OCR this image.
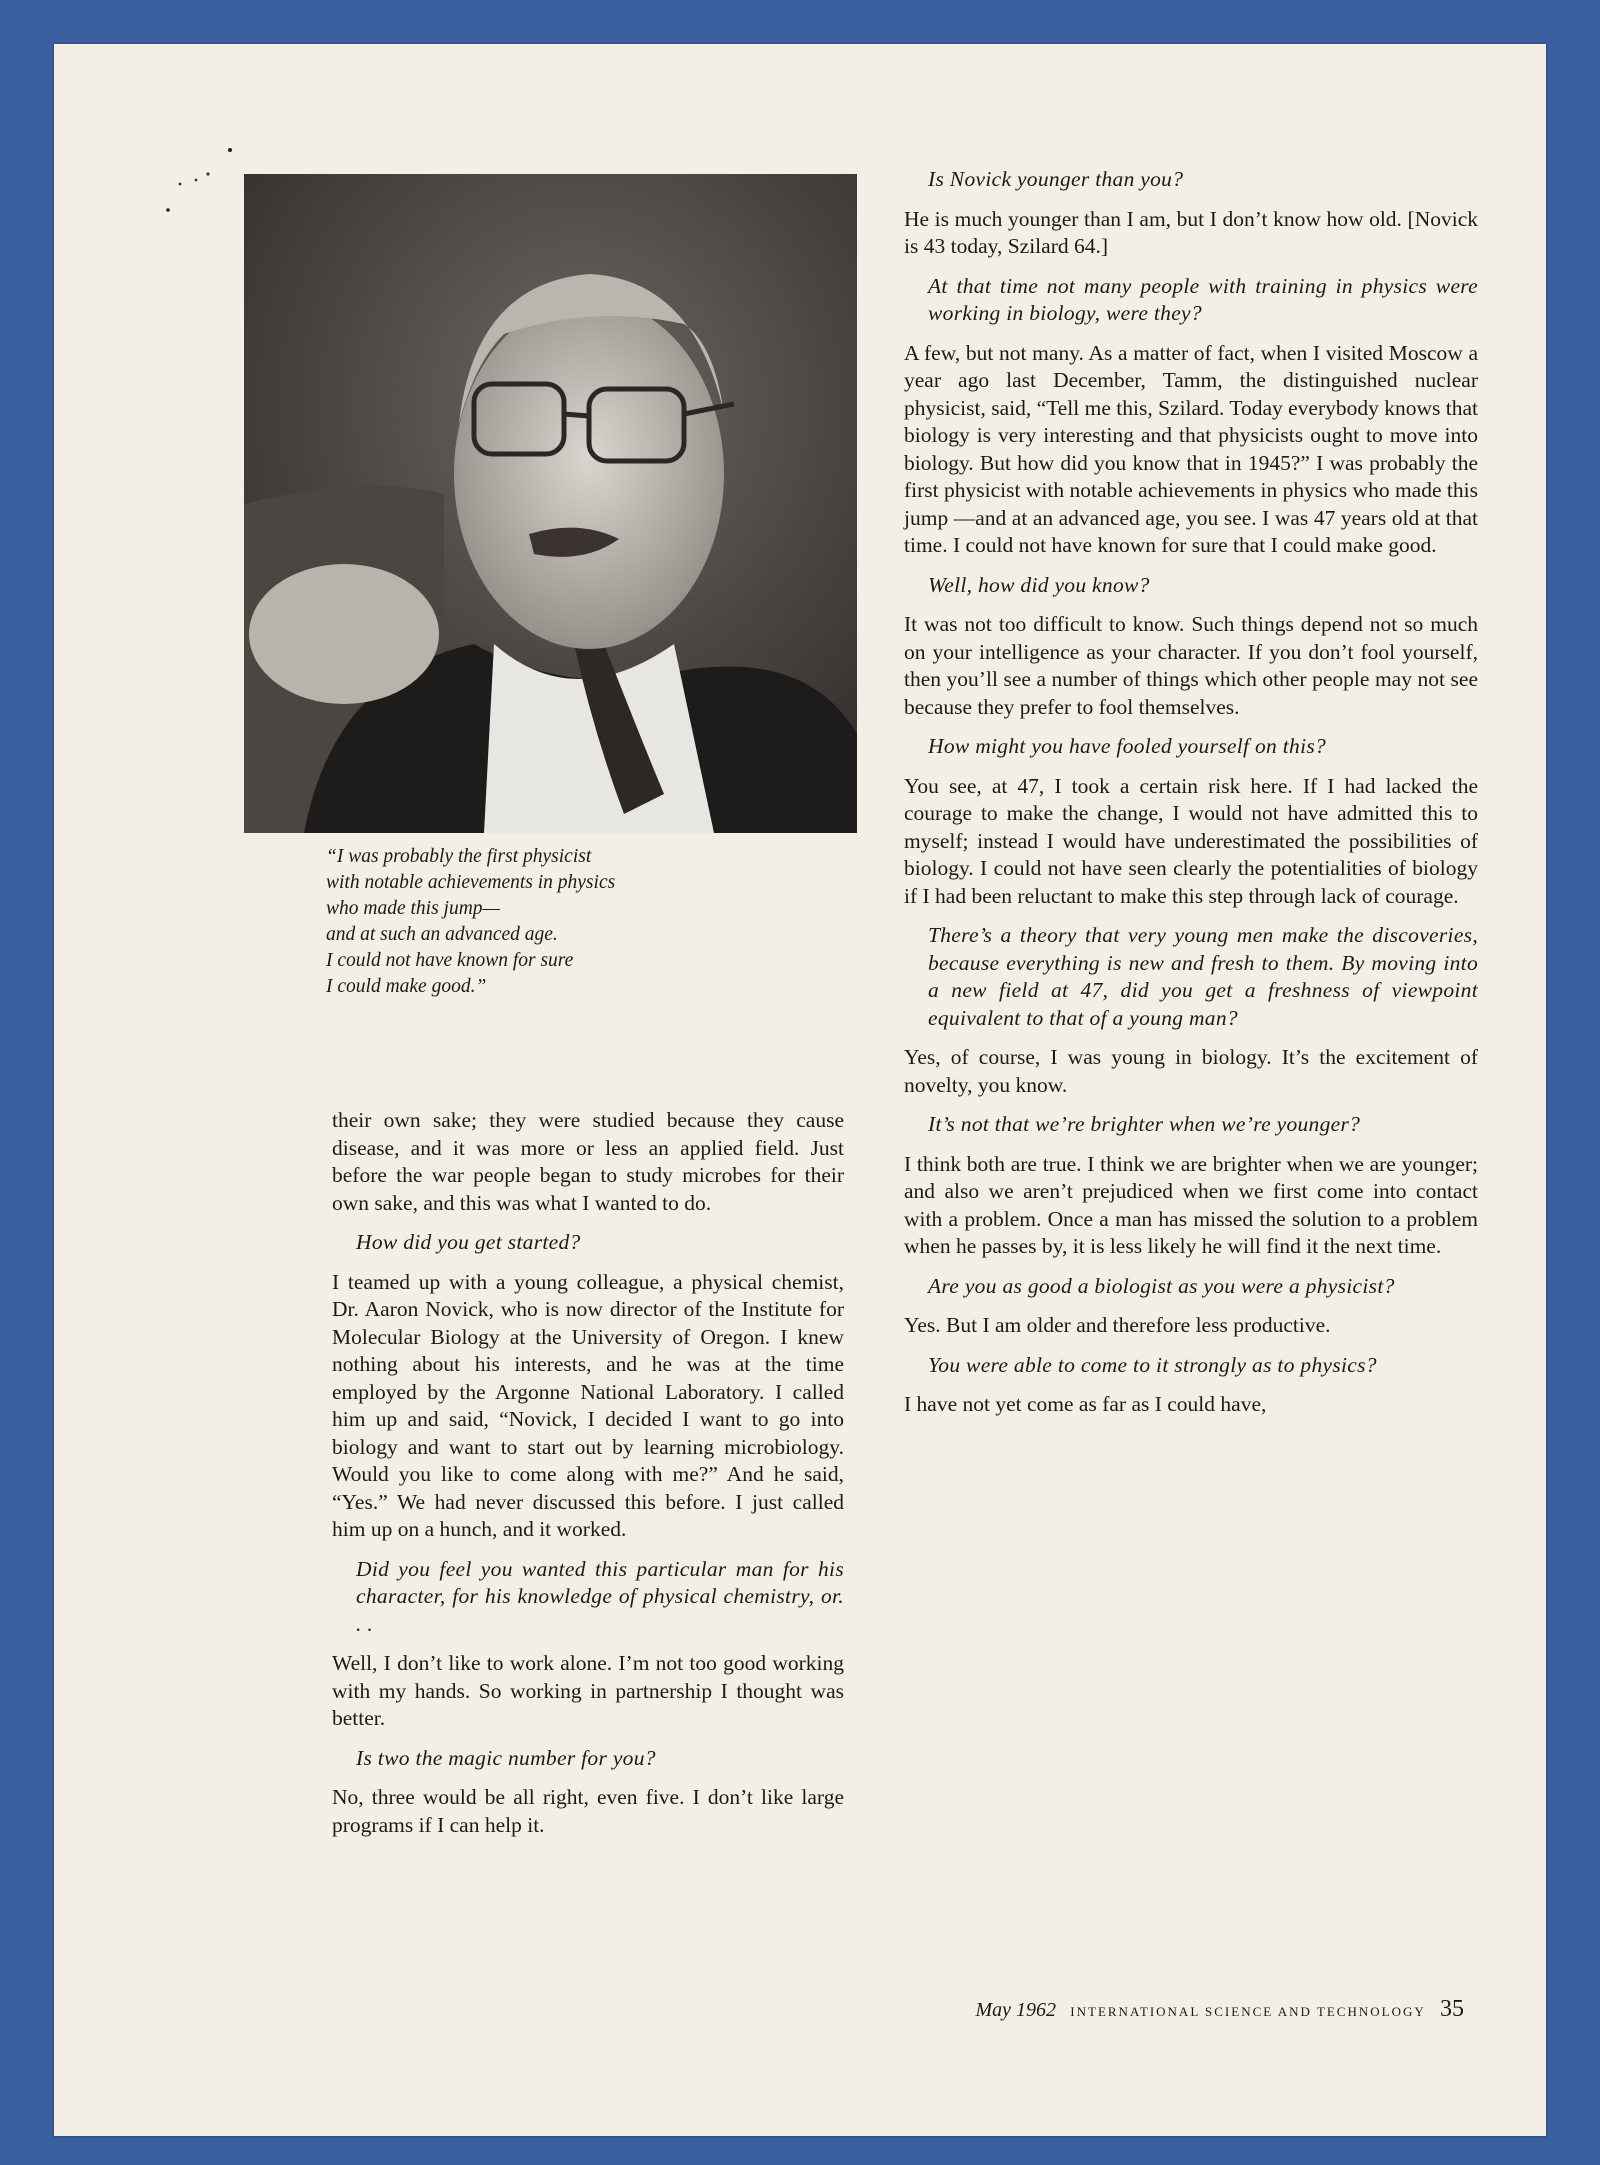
“I was probably the first physicist
with notable achievements in physics
who made this jump—
and at such an advanced age.
I could not have known for sure
I could make good.”

their own sake; they were studied because they cause disease, and it was more or less an applied field. Just before the war people began to study microbes for their own sake, and this was what I wanted to do.

How did you get started?

I teamed up with a young colleague, a physical chemist, Dr. Aaron Novick, who is now director of the Institute for Molecular Biology at the University of Oregon. I knew nothing about his interests, and he was at the time employed by the Argonne National Laboratory. I called him up and said, “Novick, I decided I want to go into biology and want to start out by learning microbiology. Would you like to come along with me?” And he said, “Yes.” We had never discussed this before. I just called him up on a hunch, and it worked.

Did you feel you wanted this particular man for his character, for his knowledge of physical chemistry, or. . .

Well, I don’t like to work alone. I’m not too good working with my hands. So working in partnership I thought was better.

Is two the magic number for you?

No, three would be all right, even five. I don’t like large programs if I can help it.

Is Novick younger than you?

He is much younger than I am, but I don’t know how old. [Novick is 43 today, Szilard 64.]

At that time not many people with training in physics were working in biology, were they?

A few, but not many. As a matter of fact, when I visited Moscow a year ago last December, Tamm, the distinguished nuclear physicist, said, “Tell me this, Szilard. Today everybody knows that biology is very interesting and that physicists ought to move into biology. But how did you know that in 1945?” I was probably the first physicist with notable achievements in physics who made this jump —and at an advanced age, you see. I was 47 years old at that time. I could not have known for sure that I could make good.

Well, how did you know?

It was not too difficult to know. Such things depend not so much on your intelligence as your character. If you don’t fool yourself, then you’ll see a number of things which other people may not see because they prefer to fool themselves.

How might you have fooled yourself on this?

You see, at 47, I took a certain risk here. If I had lacked the courage to make the change, I would not have admitted this to myself; instead I would have underestimated the possibilities of biology. I could not have seen clearly the potentialities of biology if I had been reluctant to make this step through lack of courage.

There’s a theory that very young men make the discoveries, because everything is new and fresh to them. By moving into a new field at 47, did you get a freshness of viewpoint equivalent to that of a young man?

Yes, of course, I was young in biology. It’s the excitement of novelty, you know.

It’s not that we’re brighter when we’re younger?

I think both are true. I think we are brighter when we are younger; and also we aren’t prejudiced when we first come into contact with a problem. Once a man has missed the solution to a problem when he passes by, it is less likely he will find it the next time.

Are you as good a biologist as you were a physicist?

Yes. But I am older and therefore less productive.

You were able to come to it strongly as to physics?

I have not yet come as far as I could have,

May 1962 INTERNATIONAL SCIENCE AND TECHNOLOGY 35
